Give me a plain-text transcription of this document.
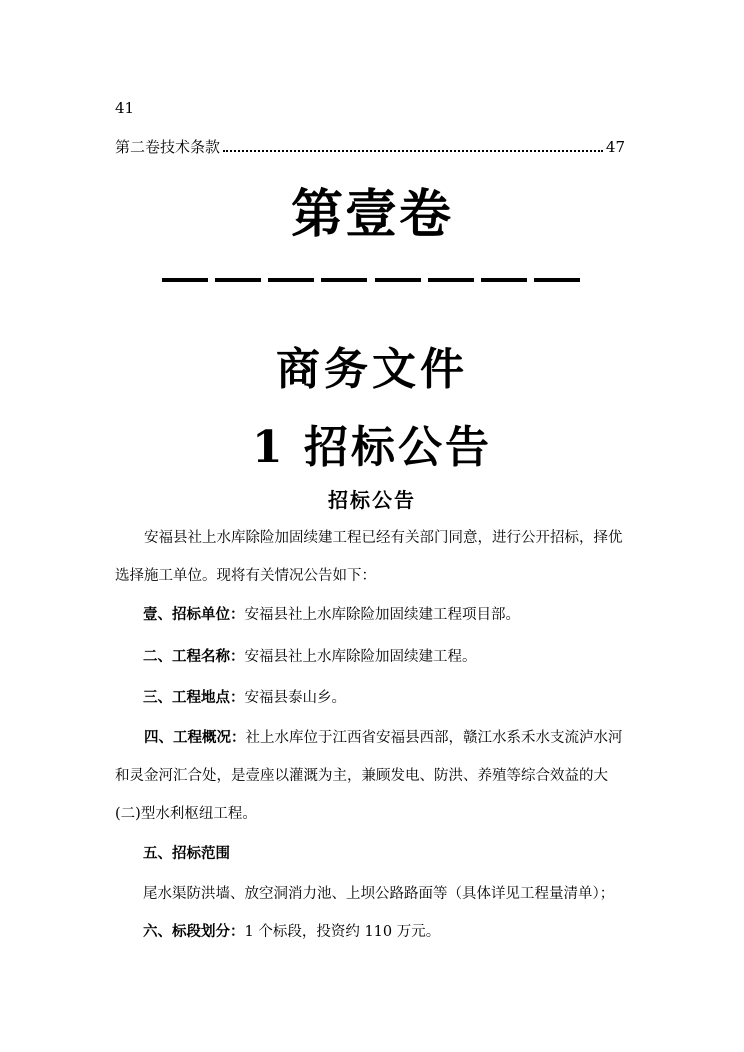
41
第二卷技术条款	47
第壹卷
商务文件
1 招标公告
招标公告
安福县社上水库除险加固续建工程已经有关部门同意，进行公开招标，择优选择施工单位。现将有关情况公告如下：
壹、招标单位：安福县社上水库除险加固续建工程项目部。
二、工程名称：安福县社上水库除险加固续建工程。
三、工程地点：安福县泰山乡。
四、工程概况：社上水库位于江西省安福县西部，赣江水系禾水支流泸水河和灵金河汇合处，是壹座以灌溉为主，兼顾发电、防洪、养殖等综合效益的大(二)型水利枢纽工程。
五、招标范围
尾水渠防洪墙、放空洞消力池、上坝公路路面等（具体详见工程量清单）；
六、标段划分：1 个标段，投资约 110 万元。
